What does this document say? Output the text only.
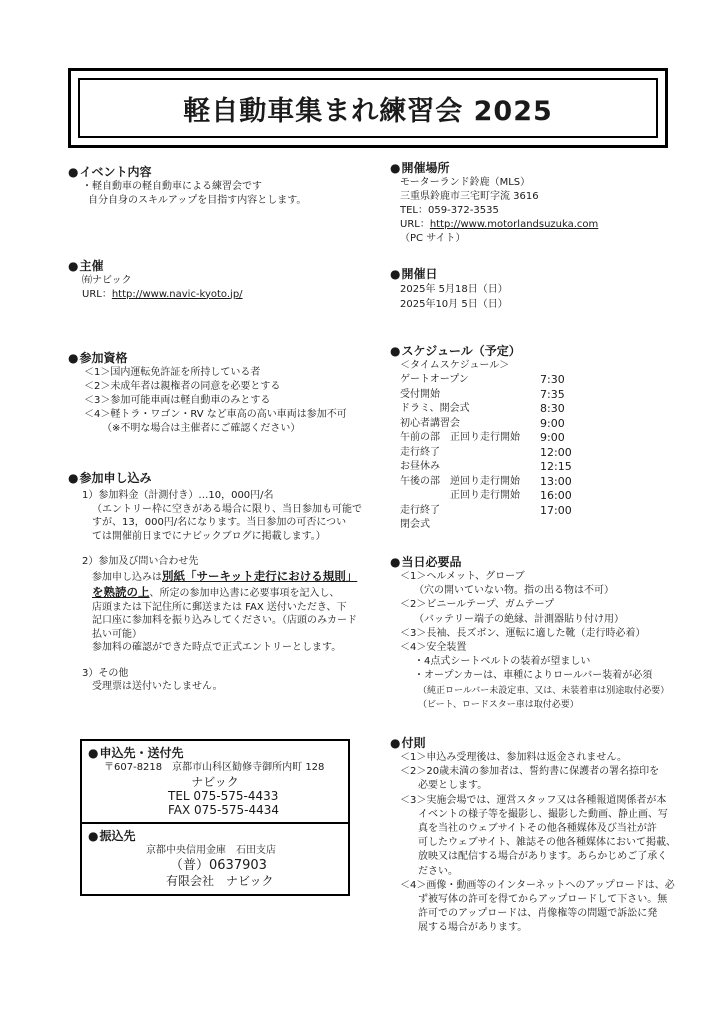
軽自動車集まれ練習会 2025
● イベント内容
・軽自動車の軽自動車による練習会です
自分自身のスキルアップを目指す内容とします。
● 主催
㈲ナビック
URL：http://www.navic-kyoto.jp/
● 参加資格
＜1＞国内運転免許証を所持している者
＜2＞未成年者は親権者の同意を必要とする
＜3＞参加可能車両は軽自動車のみとする
＜4＞軽トラ・ワゴン・RV など車高の高い車両は参加不可
（※不明な場合は主催者にご確認ください）
● 参加申し込み
1）参加料金（計測付き）…10，000円/名
（エントリー枠に空きがある場合に限り、当日参加も可能で
すが、13，000円/名になります。当日参加の可否につい
ては開催前日までにナビックブログに掲載します。）
2）参加及び問い合わせ先
参加申し込みは別紙「サーキット走行における規則」
を熟読の上、所定の参加申込書に必要事項を記入し、
店頭または下記住所に郵送または FAX 送付いただき、下
記口座に参加料を振り込みしてください。（店頭のみカード
払い可能）
参加料の確認ができた時点で正式エントリーとします。
3）その他
受理票は送付いたしません。
● 申込先・送付先
〒607-8218　京都市山科区勧修寺御所内町 128
ナビック
TEL 075-575-4433
FAX 075-575-4434
● 振込先
京都中央信用金庫　石田支店
（普）0637903
有限会社　ナビック
● 開催場所
モーターランド鈴鹿（MLS）
三重県鈴鹿市三宅町字流 3616
TEL：059-372-3535
URL：http://www.motorlandsuzuka.com
（PC サイト）
● 開催日
2025年 5月18日（日）
2025年10月 5日（日）
● スケジュール（予定）
＜タイムスケジュール＞
ゲートオープン	7:30
受付開始	7:35
ドラミ、開会式	8:30
初心者講習会	9:00
午前の部　正回り走行開始	9:00
走行終了	12:00
お昼休み	12:15
午後の部　逆回り走行開始	13:00
　　　　　正回り走行開始	16:00
走行終了	17:00
閉会式
● 当日必要品
＜1＞ヘルメット、グローブ
（穴の開いていない物。指の出る物は不可）
＜2＞ビニールテープ、ガムテープ
（バッテリー端子の絶縁、計測器貼り付け用）
＜3＞長袖、長ズボン、運転に適した靴（走行時必着）
＜4＞安全装置
・4点式シートベルトの装着が望ましい
・オープンカーは、車種によりロールバー装着が必須
（純正ロールバー未設定車、又は、未装着車は別途取付必要）
（ビート、ロードスター車は取付必要）
● 付則
＜1＞申込み受理後は、参加料は返金されません。
＜2＞20歳未満の参加者は、誓約書に保護者の署名捺印を
必要とします。
＜3＞実施会場では、運営スタッフ又は各種報道関係者が本
イベントの様子等を撮影し、撮影した動画、静止画、写
真を当社のウェブサイトその他各種媒体及び当社が許
可したウェブサイト、雑誌その他各種媒体において掲載、
放映又は配信する場合があります。あらかじめご了承く
ださい。
＜4＞画像・動画等のインターネットへのアップロードは、必
ず被写体の許可を得てからアップロードして下さい。無
許可でのアップロードは、肖像権等の問題で訴訟に発
展する場合があります。
